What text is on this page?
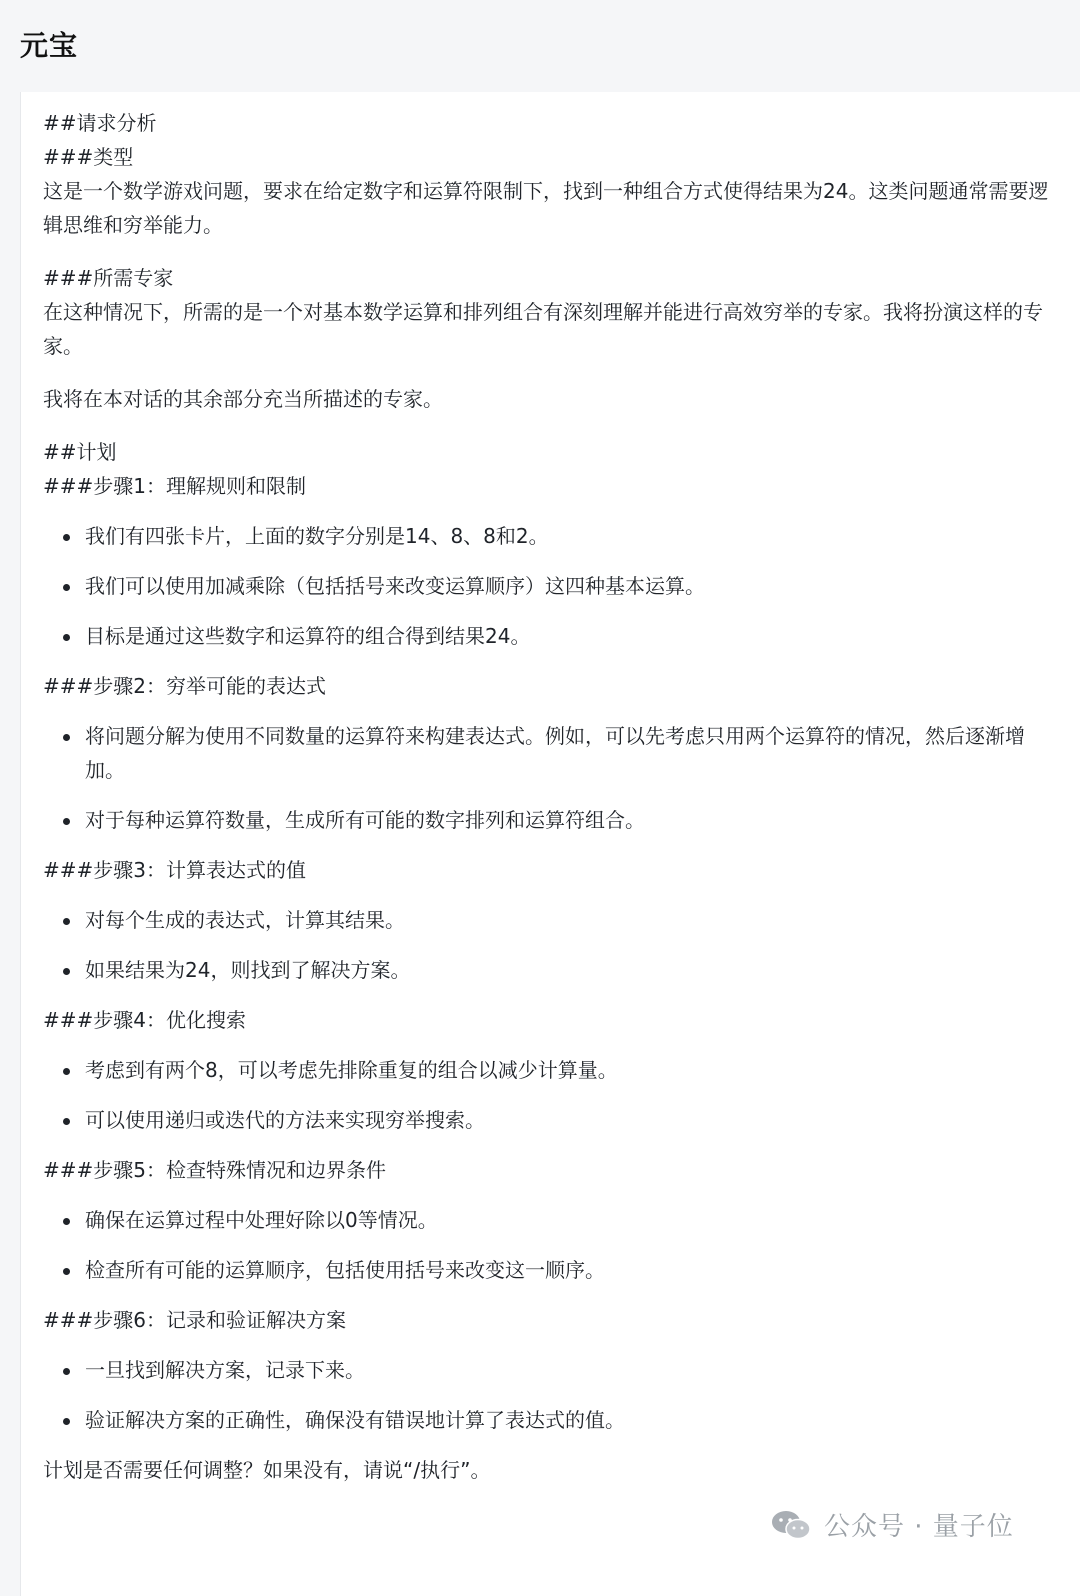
元宝

##请求分析

###类型

这是一个数学游戏问题，要求在给定数字和运算符限制下，找到一种组合方式使得结果为24。这类问题通常需要逻辑思维和穷举能力。

###所需专家

在这种情况下，所需的是一个对基本数学运算和排列组合有深刻理解并能进行高效穷举的专家。我将扮演这样的专家。

我将在本对话的其余部分充当所描述的专家。

##计划

###步骤1：理解规则和限制

我们有四张卡片，上面的数字分别是14、8、8和2。
我们可以使用加减乘除（包括括号来改变运算顺序）这四种基本运算。
目标是通过这些数字和运算符的组合得到结果24。

###步骤2：穷举可能的表达式

将问题分解为使用不同数量的运算符来构建表达式。例如，可以先考虑只用两个运算符的情况，然后逐渐增加。
对于每种运算符数量，生成所有可能的数字排列和运算符组合。

###步骤3：计算表达式的值

对每个生成的表达式，计算其结果。
如果结果为24，则找到了解决方案。

###步骤4：优化搜索

考虑到有两个8，可以考虑先排除重复的组合以减少计算量。
可以使用递归或迭代的方法来实现穷举搜索。

###步骤5：检查特殊情况和边界条件

确保在运算过程中处理好除以0等情况。
检查所有可能的运算顺序，包括使用括号来改变这一顺序。

###步骤6：记录和验证解决方案

一旦找到解决方案，记录下来。
验证解决方案的正确性，确保没有错误地计算了表达式的值。

计划是否需要任何调整？如果没有，请说“/执行”。

公众号 · 量子位
